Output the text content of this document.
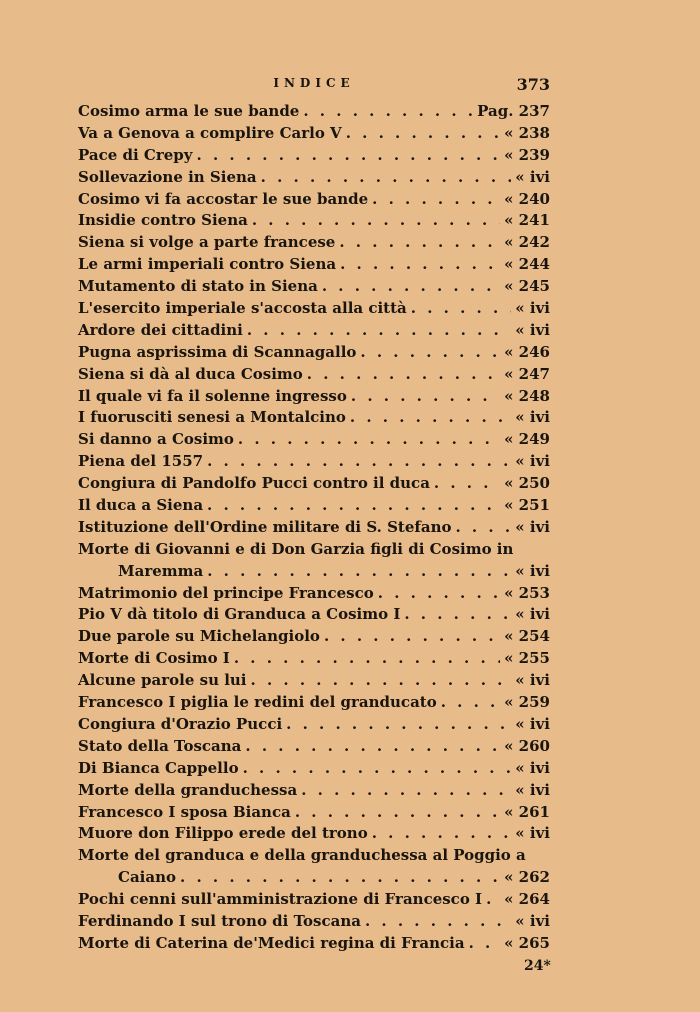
INDICE	373
Cosimo arma le sue bande . . .	Pag. 237
Va a Genova a complire Carlo V . . .	« 238
Pace di Crepy . . .	« 239
Sollevazione in Siena . . .	« ivi
Cosimo vi fa accostar le sue bande . . .	« 240
Insidie contro Siena . . .	« 241
Siena si volge a parte francese . . .	« 242
Le armi imperiali contro Siena . . .	« 244
Mutamento di stato in Siena . . .	« 245
L'esercito imperiale s'accosta alla città . . .	« ivi
Ardore dei cittadini . . .	« ivi
Pugna asprissima di Scannagallo . . .	« 246
Siena si dà al duca Cosimo . . .	« 247
Il quale vi fa il solenne ingresso . . .	« 248
I fuorusciti senesi a Montalcino . . .	« ivi
Si danno a Cosimo . . .	« 249
Piena del 1557 . . .	« ivi
Congiura di Pandolfo Pucci contro il duca . . .	« 250
Il duca a Siena . . .	« 251
Istituzione dell'Ordine militare di S. Stefano . . .	« ivi
Morte di Giovanni e di Don Garzia figli di Cosimo in
Maremma . . .	« ivi
Matrimonio del principe Francesco . . .	« 253
Pio V dà titolo di Granduca a Cosimo I . . .	« ivi
Due parole su Michelangiolo . . .	« 254
Morte di Cosimo I . . .	« 255
Alcune parole su lui . . .	« ivi
Francesco I piglia le redini del granducato . . .	« 259
Congiura d'Orazio Pucci . . .	« ivi
Stato della Toscana . . .	« 260
Di Bianca Cappello . . .	« ivi
Morte della granduchessa . . .	« ivi
Francesco I sposa Bianca . . .	« 261
Muore don Filippo erede del trono . . .	« ivi
Morte del granduca e della granduchessa al Poggio a
Caiano . . .	« 262
Pochi cenni sull'amministrazione di Francesco I . . . « 264
Ferdinando I sul trono di Toscana . . .	« ivi
Morte di Caterina de'Medici regina di Francia . . .	« 265
24*
